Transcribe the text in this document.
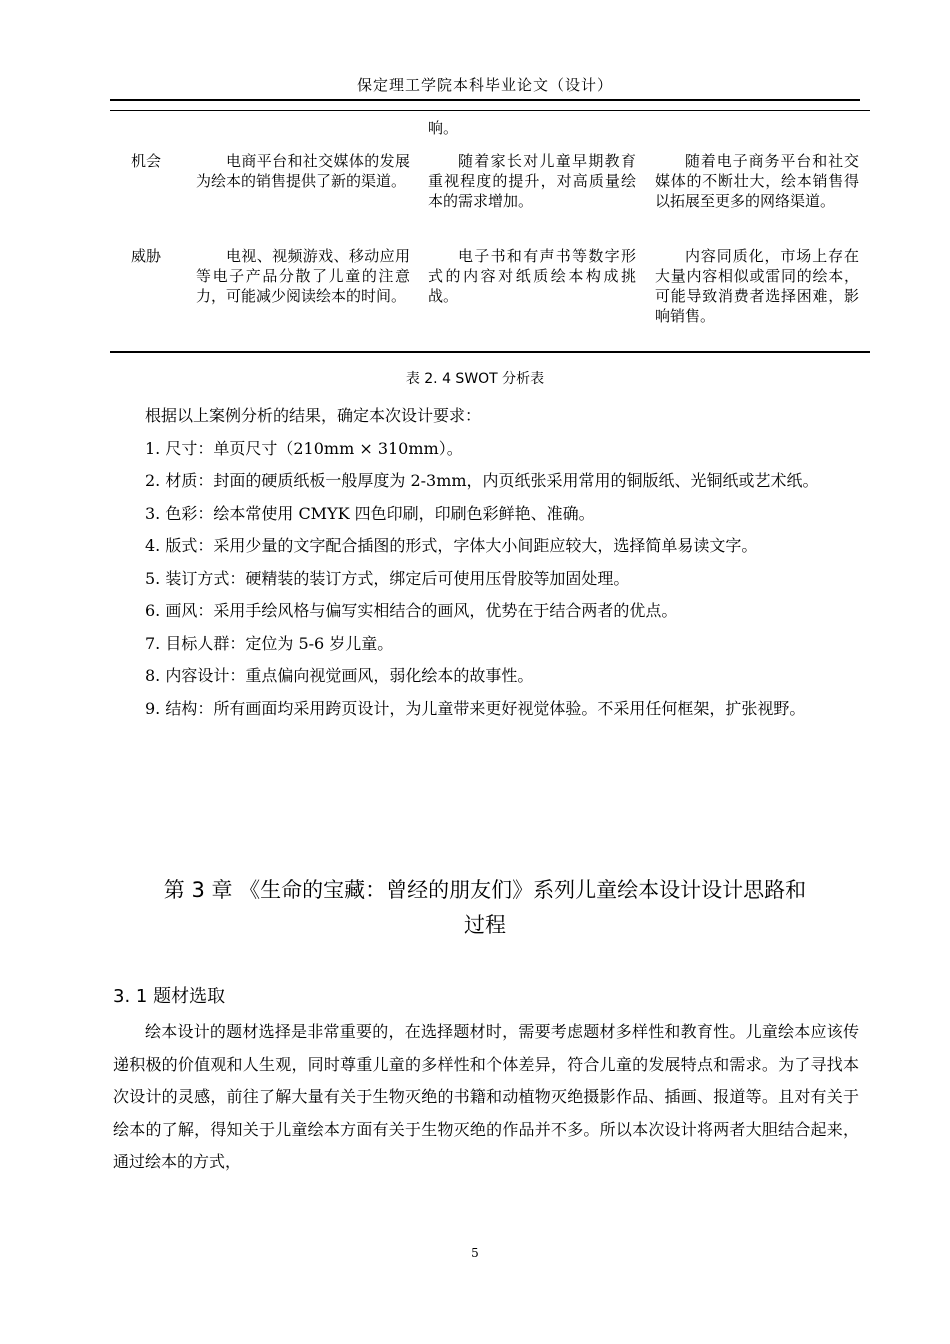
保定理工学院本科毕业论文（设计）
响。
机会	电商平台和社交媒体的发展为绘本的销售提供了新的渠道。
随着家长对儿童早期教育重视程度的提升，对高质量绘本的需求增加。
随着电子商务平台和社交媒体的不断壮大，绘本销售得以拓展至更多的网络渠道。
威胁	电视、视频游戏、移动应用等电子产品分散了儿童的注意力，可能减少阅读绘本的时间。
电子书和有声书等数字形式的内容对纸质绘本构成挑战。
内容同质化，市场上存在大量内容相似或雷同的绘本，可能导致消费者选择困难，影响销售。
表 2. 4 SWOT 分析表

根据以上案例分析的结果，确定本次设计要求：

1. 尺寸：单页尺寸（210mm × 310mm）。

2. 材质：封面的硬质纸板一般厚度为 2-3mm，内页纸张采用常用的铜版纸、光铜纸或艺术纸。

3. 色彩：绘本常使用 CMYK 四色印刷，印刷色彩鲜艳、准确。

4. 版式：采用少量的文字配合插图的形式，字体大小间距应较大，选择简单易读文字。

5. 装订方式：硬精装的装订方式，绑定后可使用压骨胶等加固处理。

6. 画风：采用手绘风格与偏写实相结合的画风，优势在于结合两者的优点。

7. 目标人群：定位为 5-6 岁儿童。

8. 内容设计：重点偏向视觉画风，弱化绘本的故事性。

9. 结构：所有画面均采用跨页设计，为儿童带来更好视觉体验。不采用任何框架，扩张视野。

第 3 章 《生命的宝藏：曾经的朋友们》系列儿童绘本设计设计思路和
过程
3. 1 题材选取

绘本设计的题材选择是非常重要的，在选择题材时，需要考虑题材多样性和教育性。儿童绘本应该传递积极的价值观和人生观，同时尊重儿童的多样性和个体差异，符合儿童的发展特点和需求。为了寻找本次设计的灵感，前往了解大量有关于生物灭绝的书籍和动植物灭绝摄影作品、插画、报道等。且对有关于绘本的了解，得知关于儿童绘本方面有关于生物灭绝的作品并不多。所以本次设计将两者大胆结合起来，通过绘本的方式，

5
